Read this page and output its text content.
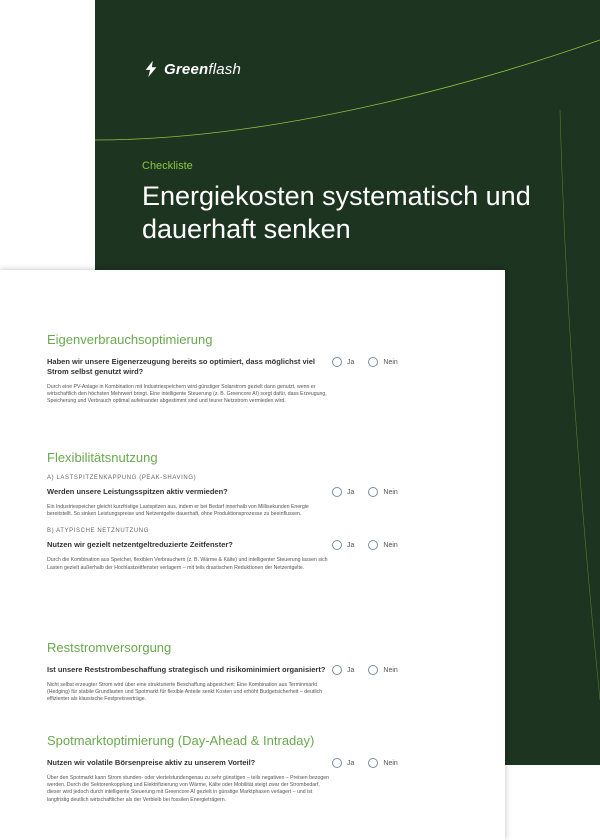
Greenflash
Checkliste
Energiekosten systematisch und dauerhaft senken
Eigenverbrauchsoptimierung
Haben wir unsere Eigenerzeugung bereits so optimiert, dass möglichst viel Strom selbst genutzt wird?
Ja	Nein
Durch eine PV-Anlage in Kombination mit Industriespeichern wird günstiger Solarstrom gezielt dann genutzt, wenn er wirtschaftlich den höchsten Mehrwert bringt. Eine intelligente Steuerung (z. B. Greencore AI) sorgt dafür, dass Erzeugung, Speicherung und Verbrauch optimal aufeinander abgestimmt sind und teurer Netzstrom vermieden wird.
Flexibilitätsnutzung
A) LASTSPITZENKAPPUNG (PEAK-SHAVING)
Werden unsere Leistungsspitzen aktiv vermieden?	Ja	Nein
Ein Industriespeicher gleicht kurzfristige Lastspitzen aus, indem er bei Bedarf innerhalb von Millisekunden Energie bereitstellt. So sinken Leistungspreise und Netzentgelte dauerhaft, ohne Produktionsprozesse zu beeinflussen.
B) ATYPISCHE NETZNUTZUNG
Nutzen wir gezielt netzentgeltreduzierte Zeitfenster?	Ja	Nein
Durch die Kombination aus Speicher, flexiblen Verbrauchern (z. B. Wärme & Kälte) und intelligenter Steuerung lassen sich Lasten gezielt außerhalb der Hochlastzeitfenster verlagern – mit teils drastischen Reduktionen der Netzentgelte.
Reststromversorgung
Ist unsere Reststrombeschaffung strategisch und risikominimiert organisiert?	Ja	Nein
Nicht selbst erzeugter Strom wird über eine strukturierte Beschaffung abgesichert: Eine Kombination aus Terminmarkt (Hedging) für stabile Grundlasten und Spotmarkt für flexible Anteile senkt Kosten und erhöht Budgetsicherheit – deutlich effizienter als klassische Festpreisverträge.
Spotmarktoptimierung (Day-Ahead & Intraday)
Nutzen wir volatile Börsenpreise aktiv zu unserem Vorteil?	Ja	Nein
Über den Spotmarkt kann Strom stunden- oder viertelstundengenau zu sehr günstigen – teils negativen – Preisen bezogen werden. Durch die Sektorenkopplung und Elektrifizierung von Wärme, Kälte oder Mobilität steigt zwar der Strombedarf, dieser wird jedoch durch intelligente Steuerung mit Greencore AI gezielt in günstige Marktphasen verlagert – und ist langfristig deutlich wirtschaftlicher als der Verbleib bei fossilen Energieträgern.
